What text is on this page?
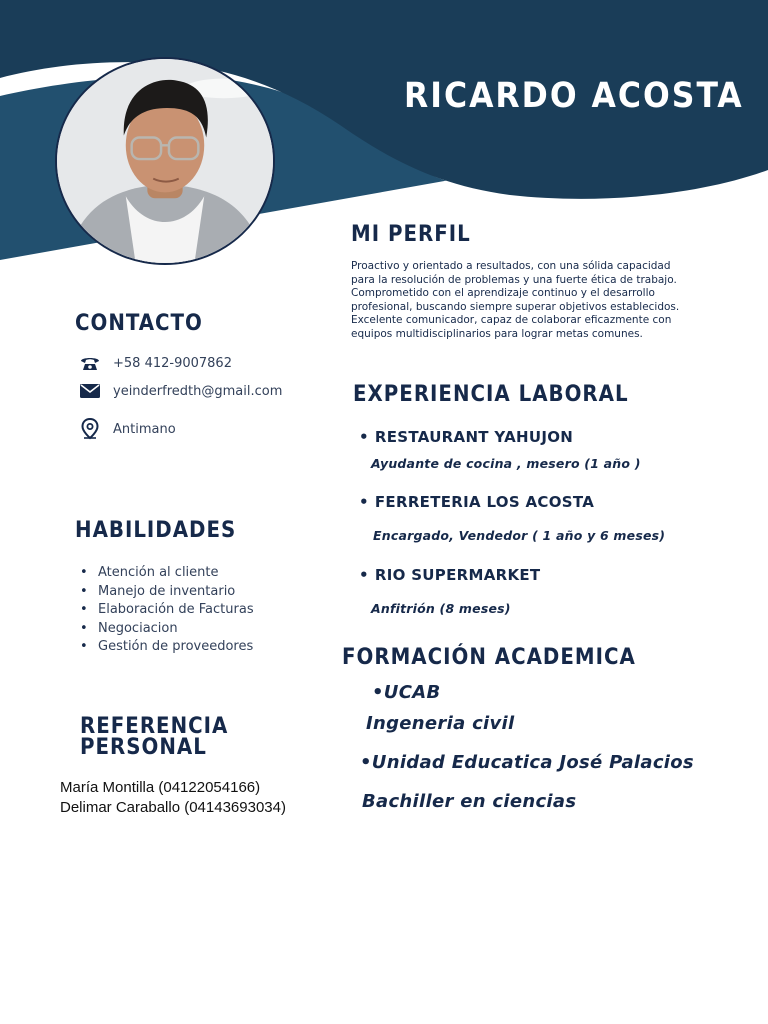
RICARDO ACOSTA
MI PERFIL

Proactivo y orientado a resultados, con una sólida capacidad para la resolución de problemas y una fuerte ética de trabajo. Comprometido con el aprendizaje continuo y el desarrollo profesional, buscando siempre superar objetivos establecidos. Excelente comunicador, capaz de colaborar eficazmente con equipos multidisciplinarios para lograr metas comunes.

CONTACTO
+58 412-9007862
yeinderfredth@gmail.com
Antimano
HABILIDADES
• Atención al cliente
• Manejo de inventario
• Elaboración de Facturas
• Negociacion
• Gestión de proveedores
EXPERIENCIA LABORAL
• RESTAURANT YAHUJON
Ayudante de cocina , mesero (1 año )
• FERRETERIA LOS ACOSTA
Encargado, Vendedor ( 1 año y 6 meses)
• RIO SUPERMARKET
Anfitrión (8 meses)
FORMACIÓN ACADEMICA
•UCAB
Ingeneria civil
•Unidad Educatica José Palacios
Bachiller en ciencias
REFERENCIA
PERSONAL
María Montilla (04122054166)
Delimar Caraballo (04143693034)
